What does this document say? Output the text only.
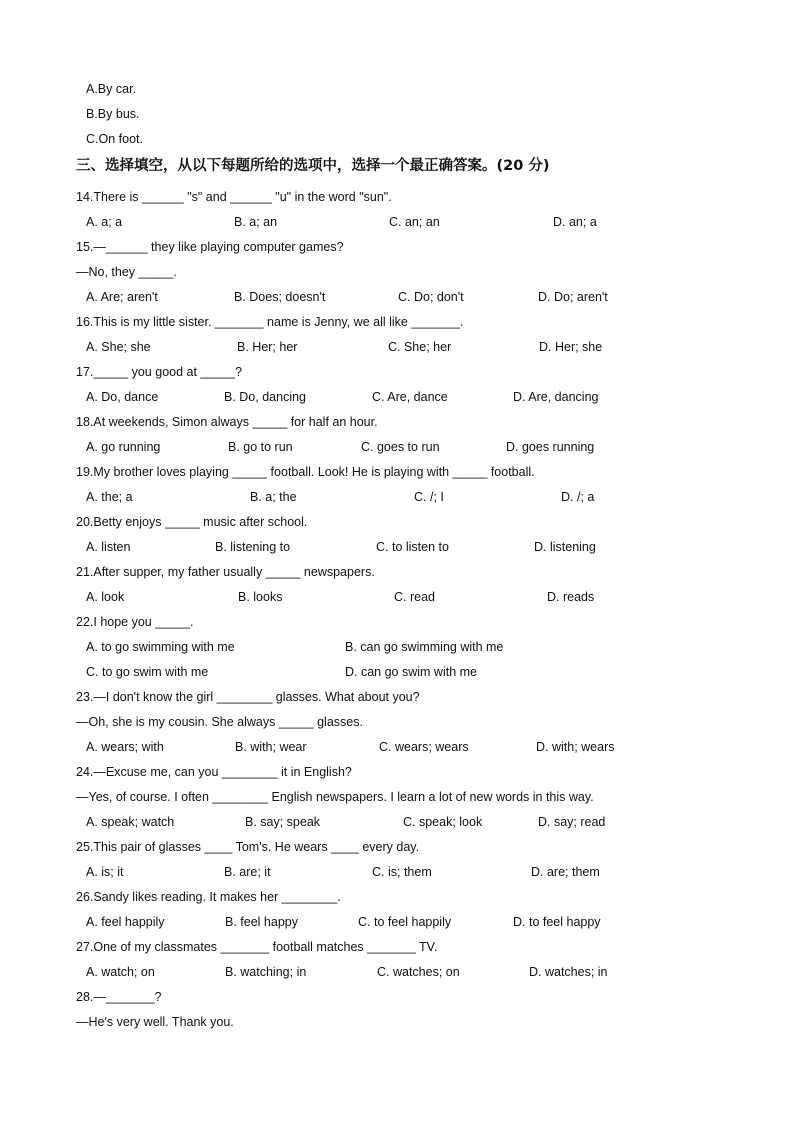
A.By car.
B.By bus.
C.On foot.
三、选择填空，从以下每题所给的选项中，选择一个最正确答案。(20 分)
14.There is ______ "s" and ______ "u" in the word "sun".
A. a; a	B. a; an	C. an; an	D. an; a
15.—______ they like playing computer games?
—No, they _____.
A. Are; aren't	B. Does; doesn't	C. Do; don't	D. Do; aren't
16.This is my little sister. _______ name is Jenny, we all like _______.
A. She; she	B. Her; her	C. She; her	D. Her; she
17._____ you good at _____?
A. Do, dance	B. Do, dancing	C. Are, dance	D. Are, dancing
18.At weekends, Simon always _____ for half an hour.
A. go running	B. go to run	C. goes to run	D. goes running
19.My brother loves playing _____ football. Look! He is playing with _____ football.
A. the; a	B. a; the	C. /; I	D. /; a
20.Betty enjoys _____ music after school.
A. listen	B. listening to	C. to listen to	D. listening
21.After supper, my father usually _____ newspapers.
A. look	B. looks	C. read	D. reads
22.I hope you _____.
A. to go swimming with me	B. can go swimming with me
C. to go swim with me	D. can go swim with me
23.—I don't know the girl ________ glasses. What about you?
—Oh, she is my cousin. She always _____ glasses.
A. wears; with	B. with; wear	C. wears; wears	D. with; wears
24.—Excuse me, can you ________ it in English?
—Yes, of course. I often ________ English newspapers. I learn a lot of new words in this way.
A. speak; watch	B. say; speak	C. speak; look	D. say; read
25.This pair of glasses ____ Tom's. He wears ____ every day.
A. is; it	B. are; it	C. is; them	D. are; them
26.Sandy likes reading. It makes her ________.
A. feel happily	B. feel happy	C. to feel happily	D. to feel happy
27.One of my classmates _______ football matches _______ TV.
A. watch; on	B. watching; in	C. watches; on	D. watches; in
28.—_______?
—He's very well. Thank you.
